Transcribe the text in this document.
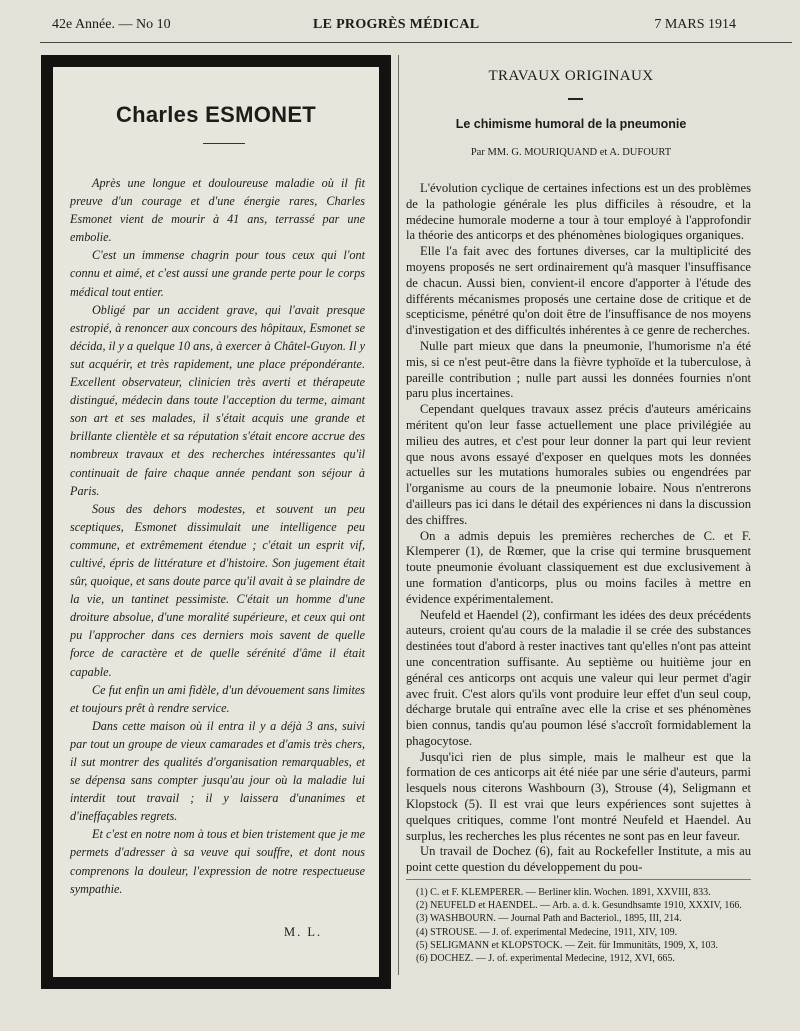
42e Année. — No 10	LE PROGRÈS MÉDICAL	7 MARS 1914
Charles ESMONET

Après une longue et douloureuse maladie où il fit preuve d'un courage et d'une énergie rares, Charles Esmonet vient de mourir à 41 ans, terrassé par une embolie.

C'est un immense chagrin pour tous ceux qui l'ont connu et aimé, et c'est aussi une grande perte pour le corps médical tout entier.

Obligé par un accident grave, qui l'avait presque estropié, à renoncer aux concours des hôpitaux, Esmonet se décida, il y a quelque 10 ans, à exercer à Châtel-Guyon. Il y sut acquérir, et très rapidement, une place prépondérante. Excellent observateur, clinicien très averti et thérapeute distingué, médecin dans toute l'acception du terme, aimant son art et ses malades, il s'était acquis une grande et brillante clientèle et sa réputation s'était encore accrue des nombreux travaux et des recherches intéressantes qu'il continuait de faire chaque année pendant son séjour à Paris.

Sous des dehors modestes, et souvent un peu sceptiques, Esmonet dissimulait une intelligence peu commune, et extrêmement étendue ; c'était un esprit vif, cultivé, épris de littérature et d'histoire. Son jugement était sûr, quoique, et sans doute parce qu'il avait à se plaindre de la vie, un tantinet pessimiste. C'était un homme d'une droiture absolue, d'une moralité supérieure, et ceux qui ont pu l'approcher dans ces derniers mois savent de quelle force de caractère et de quelle sérénité d'âme il était capable.

Ce fut enfin un ami fidèle, d'un dévouement sans limites et toujours prêt à rendre service.

Dans cette maison où il entra il y a déjà 3 ans, suivi par tout un groupe de vieux camarades et d'amis très chers, il sut montrer des qualités d'organisation remarquables, et se dépensa sans compter jusqu'au jour où la maladie lui interdit tout travail ; il y laissera d'unanimes et d'ineffaçables regrets.

Et c'est en notre nom à tous et bien tristement que je me permets d'adresser à sa veuve qui souffre, et dont nous comprenons la douleur, l'expression de notre respectueuse sympathie.

M. L.
TRAVAUX ORIGINAUX
Le chimisme humoral de la pneumonie
Par MM. G. MOURIQUAND et A. DUFOURT

L'évolution cyclique de certaines infections est un des problèmes de la pathologie générale les plus difficiles à résoudre, et la médecine humorale moderne a tour à tour employé à l'approfondir la théorie des anticorps et des phénomènes biologiques organiques.

Elle l'a fait avec des fortunes diverses, car la multiplicité des moyens proposés ne sert ordinairement qu'à masquer l'insuffisance de chacun. Aussi bien, convient-il encore d'apporter à l'étude des différents mécanismes proposés une certaine dose de critique et de scepticisme, pénétré qu'on doit être de l'insuffisance de nos moyens d'investigation et des difficultés inhérentes à ce genre de recherches.

Nulle part mieux que dans la pneumonie, l'humorisme n'a été mis, si ce n'est peut-être dans la fièvre typhoïde et la tuberculose, à pareille contribution ; nulle part aussi les données fournies n'ont paru plus incertaines.

Cependant quelques travaux assez précis d'auteurs américains méritent qu'on leur fasse actuellement une place privilégiée au milieu des autres, et c'est pour leur donner la part qui leur revient que nous avons essayé d'exposer en quelques mots les données actuelles sur les mutations humorales subies ou engendrées par l'organisme au cours de la pneumonie lobaire. Nous n'entrerons d'ailleurs pas ici dans le détail des expériences ni dans la discussion des chiffres.

On a admis depuis les premières recherches de C. et F. Klemperer (1), de Rœmer, que la crise qui termine brusquement toute pneumonie évoluant classiquement est due exclusivement à une formation d'anticorps, plus ou moins faciles à mettre en évidence expérimentalement.

Neufeld et Haendel (2), confirmant les idées des deux précédents auteurs, croient qu'au cours de la maladie il se crée des substances destinées tout d'abord à rester inactives tant qu'elles n'ont pas atteint une concentration suffisante. Au septième ou huitième jour en général ces anticorps ont acquis une valeur qui leur permet d'agir avec fruit. C'est alors qu'ils vont produire leur effet d'un seul coup, décharge brutale qui entraîne avec elle la crise et ses phénomènes bien connus, tandis qu'au poumon lésé s'accroît formidablement la phagocytose.

Jusqu'ici rien de plus simple, mais le malheur est que la formation de ces anticorps ait été niée par une série d'auteurs, parmi lesquels nous citerons Washbourn (3), Strouse (4), Seligmann et Klopstock (5). Il est vrai que leurs expériences sont sujettes à quelques critiques, comme l'ont montré Neufeld et Haendel. Au surplus, les recherches les plus récentes ne sont pas en leur faveur.

Un travail de Dochez (6), fait au Rockefeller Institute, a mis au point cette question du développement du pou-

(1) C. et F. KLEMPERER. — Berliner klin. Wochen. 1891, XXVIII, 833.
(2) NEUFELD et HAENDEL. — Arb. a. d. k. Gesundhsamte 1910, XXXIV, 166.
(3) WASHBOURN. — Journal Path and Bacteriol., 1895, III, 214.
(4) STROUSE. — J. of. experimental Medecine, 1911, XIV, 109.
(5) SELIGMANN et KLOPSTOCK. — Zeit. für Immunitäts, 1909, X, 103.
(6) DOCHEZ. — J. of. experimental Medecine, 1912, XVI, 665.
